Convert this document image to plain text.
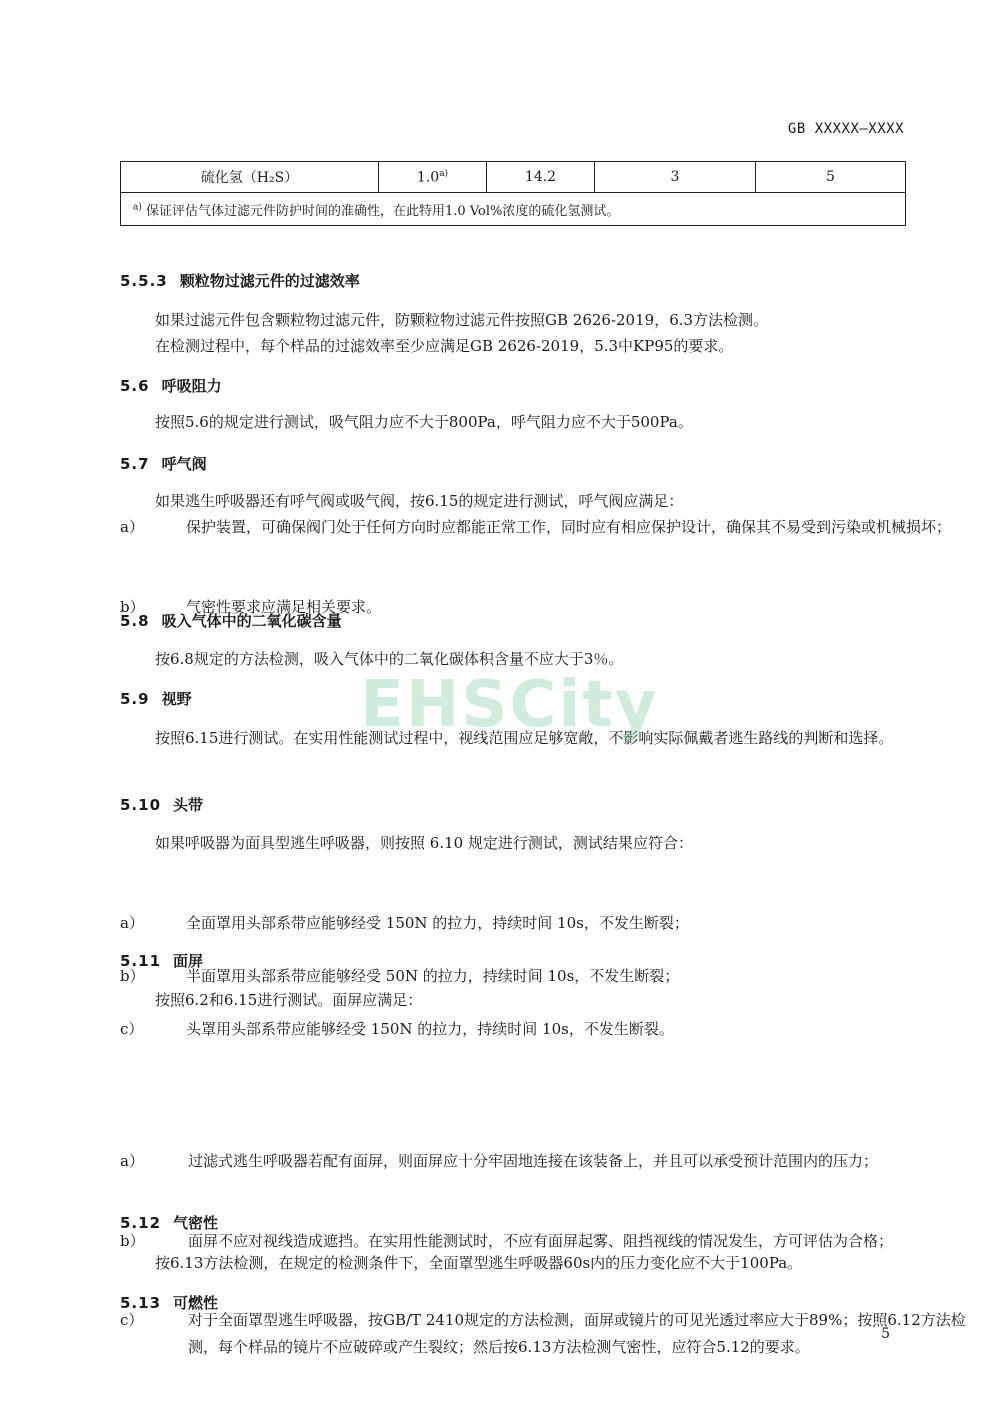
GB XXXXX—XXXX
硫化氢（H₂S）	1.0$^{a)}$	14.2	3	5
$^{a)}$ 保证评估气体过滤元件防护时间的准确性，在此特用1.0 Vol%浓度的硫化氢测试。
5.5.3 颗粒物过滤元件的过滤效率
如果过滤元件包含颗粒物过滤元件，防颗粒物过滤元件按照GB 2626-2019，6.3方法检测。
在检测过程中，每个样品的过滤效率至少应满足GB 2626-2019，5.3中KP95的要求。
5.6 呼吸阻力
按照5.6的规定进行测试，吸气阻力应不大于800Pa，呼气阻力应不大于500Pa。
5.7 呼气阀
如果逃生呼吸器还有呼气阀或吸气阀，按6.15的规定进行测试，呼气阀应满足：
a）	保护装置，可确保阀门处于任何方向时应都能正常工作，同时应有相应保护设计，确保其不易受到污染或机械损坏；
b）	气密性要求应满足相关要求。
5.8 吸入气体中的二氧化碳含量
按6.8规定的方法检测，吸入气体中的二氧化碳体积含量不应大于3％。
5.9 视野
按照6.15进行测试。在实用性能测试过程中，视线范围应足够宽敞，不影响实际佩戴者逃生路线的判断和选择。
5.10 头带
如果呼吸器为面具型逃生呼吸器，则按照 6.10 规定进行测试，测试结果应符合：
a）	全面罩用头部系带应能够经受 150N 的拉力，持续时间 10s，不发生断裂；
b）	半面罩用头部系带应能够经受 50N 的拉力，持续时间 10s，不发生断裂；
c）	头罩用头部系带应能够经受 150N 的拉力，持续时间 10s，不发生断裂。
5.11 面屏
按照6.2和6.15进行测试。面屏应满足：
a）	过滤式逃生呼吸器若配有面屏，则面屏应十分牢固地连接在该装备上，并且可以承受预计范围内的压力；
b）	面屏不应对视线造成遮挡。在实用性能测试时，不应有面屏起雾、阻挡视线的情况发生，方可评估为合格；
c）	对于全面罩型逃生呼吸器，按GB/T 2410规定的方法检测，面屏或镜片的可见光透过率应大于89%；按照6.12方法检测，每个样品的镜片不应破碎或产生裂纹；然后按6.13方法检测气密性，应符合5.12的要求。
5.12 气密性
按6.13方法检测，在规定的检测条件下，全面罩型逃生呼吸器60s内的压力变化应不大于100Pa。
5.13 可燃性
EHSCity
5
